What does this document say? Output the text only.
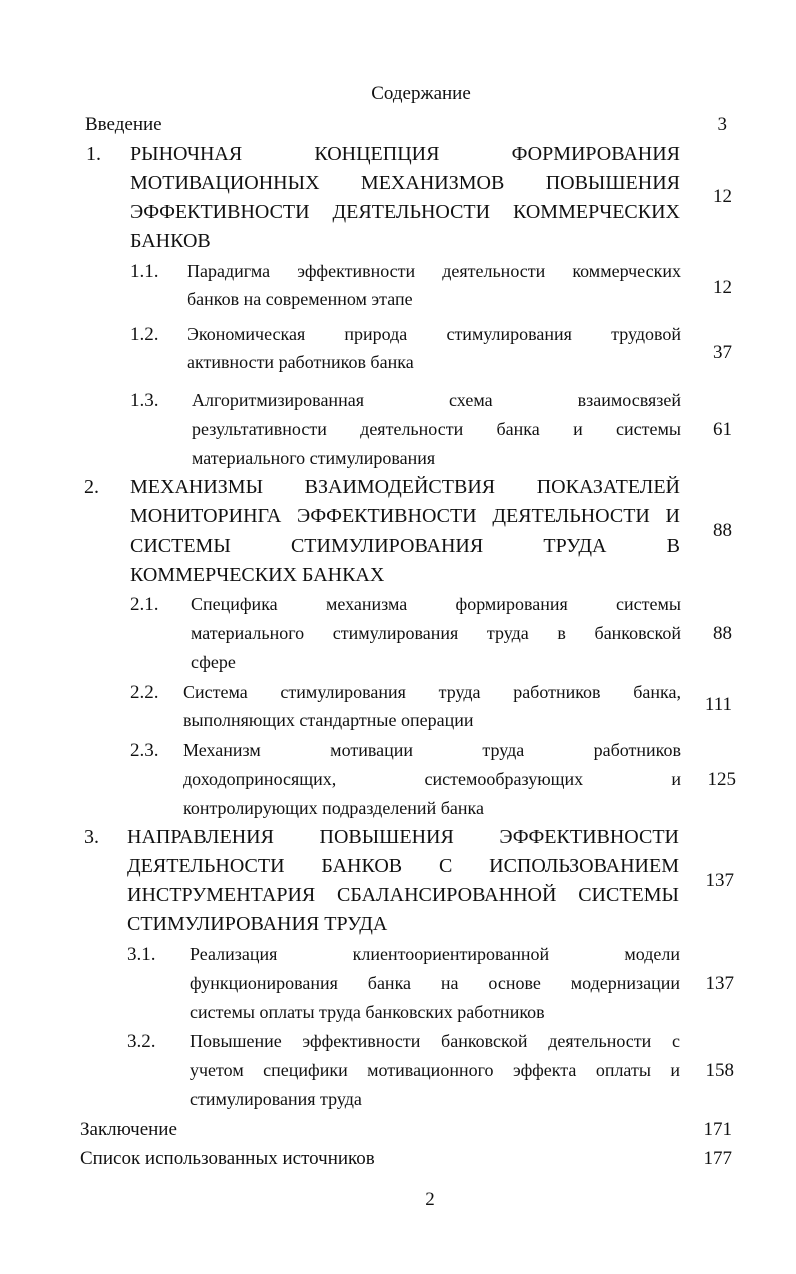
Содержание
Введение	3
1. РЫНОЧНАЯ КОНЦЕПЦИЯ ФОРМИРОВАНИЯ
МОТИВАЦИОННЫХ МЕХАНИЗМОВ ПОВЫШЕНИЯ
ЭФФЕКТИВНОСТИ ДЕЯТЕЛЬНОСТИ КОММЕРЧЕСКИХ
БАНКОВ
12
1.1. Парадигма эффективности деятельности коммерческих
банков на современном этапе
12
1.2. Экономическая природа стимулирования трудовой
активности работников банка	37
1.3. Алгоритмизированная схема взаимосвязей
результативности деятельности банка и системы
материального стимулирования
61
2. МЕХАНИЗМЫ ВЗАИМОДЕЙСТВИЯ ПОКАЗАТЕЛЕЙ
МОНИТОРИНГА ЭФФЕКТИВНОСТИ ДЕЯТЕЛЬНОСТИ И
СИСТЕМЫ СТИМУЛИРОВАНИЯ ТРУДА В
КОММЕРЧЕСКИХ БАНКАХ
88
2.1. Специфика механизма формирования системы
материального стимулирования труда в банковской
сфере
88
2.2. Система стимулирования труда работников банка,
выполняющих стандартные операции
111
2.3. Механизм мотивации труда работников
доходоприносящих, системообразующих и
контролирующих подразделений банка
125
3. НАПРАВЛЕНИЯ ПОВЫШЕНИЯ ЭФФЕКТИВНОСТИ
ДЕЯТЕЛЬНОСТИ БАНКОВ С ИСПОЛЬЗОВАНИЕМ
ИНСТРУМЕНТАРИЯ СБАЛАНСИРОВАННОЙ СИСТЕМЫ
СТИМУЛИРОВАНИЯ ТРУДА
137
3.1. Реализация клиентоориентированной модели
функционирования банка на основе модернизации
системы оплаты труда банковских работников
137
3.2. Повышение эффективности банковской деятельности с
учетом специфики мотивационного эффекта оплаты и
стимулирования труда
158
Заключение	171
Список использованных источников	177
2
